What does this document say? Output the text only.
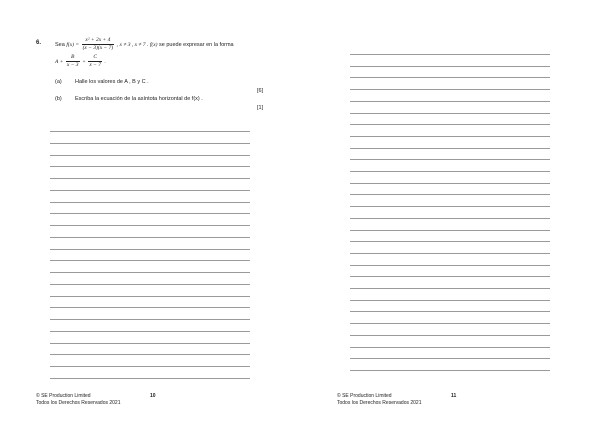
6.	Sea $f(x) = \frac{\text{x² + 2x + 4}}{(x - 3)(x - 7)}$ , x ≠ 3 , x ≠ 7 . f(x) se puede expresar en la forma
$A + \frac{B}{x - 3} + \frac{C}{x - 7}$ .
(a) Halle los valores de A , B y C .
[6]
(b) Escriba la ecuación de la asíntota horizontal de f(x) .
[1]
© SE Production Limited
Todos los Derechos Reservados 2021
10	© SE Production Limited
Todos los Derechos Reservados 2021
11
